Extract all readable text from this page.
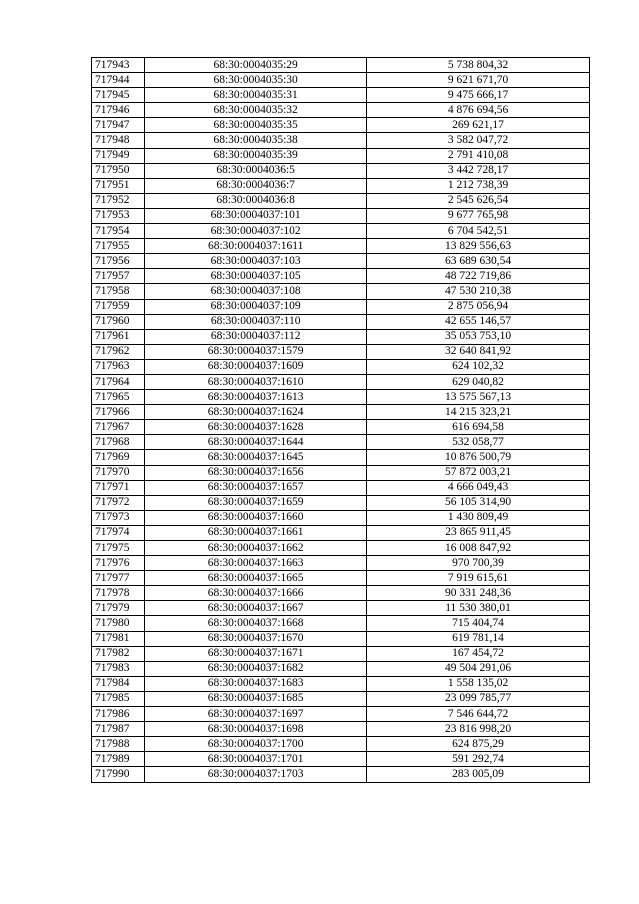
717943	68:30:0004035:29	5 738 804,32
717944	68:30:0004035:30	9 621 671,70
717945	68:30:0004035:31	9 475 666,17
717946	68:30:0004035:32	4 876 694,56
717947	68:30:0004035:35	269 621,17
717948	68:30:0004035:38	3 582 047,72
717949	68:30:0004035:39	2 791 410,08
717950	68:30:0004036:5	3 442 728,17
717951	68:30:0004036:7	1 212 738,39
717952	68:30:0004036:8	2 545 626,54
717953	68:30:0004037:101	9 677 765,98
717954	68:30:0004037:102	6 704 542,51
717955	68:30:0004037:1611	13 829 556,63
717956	68:30:0004037:103	63 689 630,54
717957	68:30:0004037:105	48 722 719,86
717958	68:30:0004037:108	47 530 210,38
717959	68:30:0004037:109	2 875 056,94
717960	68:30:0004037:110	42 655 146,57
717961	68:30:0004037:112	35 053 753,10
717962	68:30:0004037:1579	32 640 841,92
717963	68:30:0004037:1609	624 102,32
717964	68:30:0004037:1610	629 040,82
717965	68:30:0004037:1613	13 575 567,13
717966	68:30:0004037:1624	14 215 323,21
717967	68:30:0004037:1628	616 694,58
717968	68:30:0004037:1644	532 058,77
717969	68:30:0004037:1645	10 876 500,79
717970	68:30:0004037:1656	57 872 003,21
717971	68:30:0004037:1657	4 666 049,43
717972	68:30:0004037:1659	56 105 314,90
717973	68:30:0004037:1660	1 430 809,49
717974	68:30:0004037:1661	23 865 911,45
717975	68:30:0004037:1662	16 008 847,92
717976	68:30:0004037:1663	970 700,39
717977	68:30:0004037:1665	7 919 615,61
717978	68:30:0004037:1666	90 331 248,36
717979	68:30:0004037:1667	11 530 380,01
717980	68:30:0004037:1668	715 404,74
717981	68:30:0004037:1670	619 781,14
717982	68:30:0004037:1671	167 454,72
717983	68:30:0004037:1682	49 504 291,06
717984	68:30:0004037:1683	1 558 135,02
717985	68:30:0004037:1685	23 099 785,77
717986	68:30:0004037:1697	7 546 644,72
717987	68:30:0004037:1698	23 816 998,20
717988	68:30:0004037:1700	624 875,29
717989	68:30:0004037:1701	591 292,74
717990	68:30:0004037:1703	283 005,09
